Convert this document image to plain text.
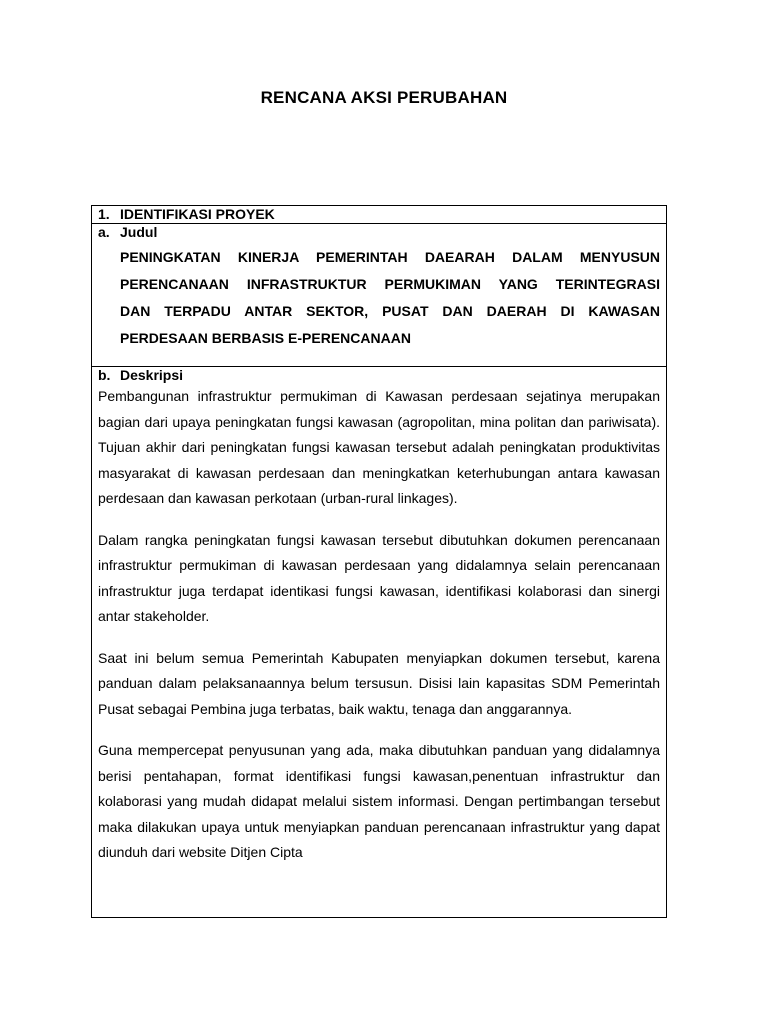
RENCANA AKSI PERUBAHAN
1. IDENTIFIKASI PROYEK

a. Judul
PENINGKATAN KINERJA PEMERINTAH DAEARAH DALAM MENYUSUN
PERENCANAAN INFRASTRUKTUR PERMUKIMAN YANG TERINTEGRASI
DAN TERPADU ANTAR SEKTOR, PUSAT DAN DAERAH DI KAWASAN
PERDESAAN BERBASIS E-PERENCANAAN

b. Deskripsi

Pembangunan infrastruktur permukiman di Kawasan perdesaan sejatinya merupakan bagian dari upaya peningkatan fungsi kawasan (agropolitan, mina politan dan pariwisata). Tujuan akhir dari peningkatan fungsi kawasan tersebut adalah peningkatan produktivitas masyarakat di kawasan perdesaan dan meningkatkan keterhubungan antara kawasan perdesaan dan kawasan perkotaan (urban-rural linkages).

Dalam rangka peningkatan fungsi kawasan tersebut dibutuhkan dokumen perencanaan infrastruktur permukiman di kawasan perdesaan yang didalamnya selain perencanaan infrastruktur juga terdapat identikasi fungsi kawasan, identifikasi kolaborasi dan sinergi antar stakeholder.

Saat ini belum semua Pemerintah Kabupaten menyiapkan dokumen tersebut, karena panduan dalam pelaksanaannya belum tersusun. Disisi lain kapasitas SDM Pemerintah Pusat sebagai Pembina juga terbatas, baik waktu, tenaga dan anggarannya.

Guna mempercepat penyusunan yang ada, maka dibutuhkan panduan yang didalamnya berisi pentahapan, format identifikasi fungsi kawasan,penentuan infrastruktur dan kolaborasi yang mudah didapat melalui sistem informasi. Dengan pertimbangan tersebut maka dilakukan upaya untuk menyiapkan panduan perencanaan infrastruktur yang dapat diunduh dari website Ditjen Cipta
